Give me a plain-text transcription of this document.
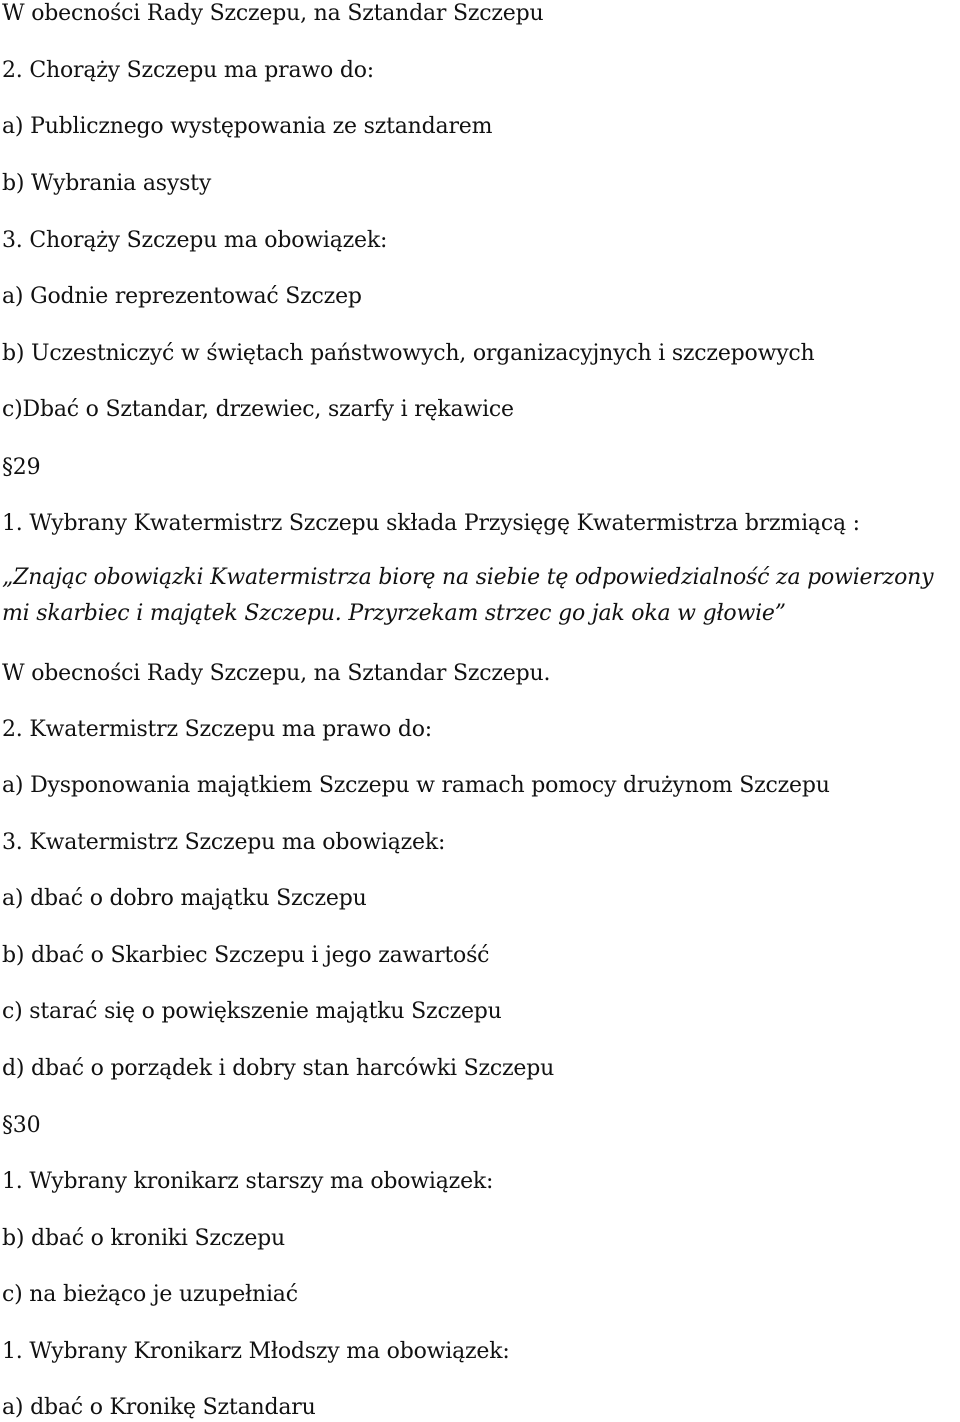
W obecności Rady Szczepu, na Sztandar Szczepu
2. Chorąży Szczepu ma prawo do:
a) Publicznego występowania ze sztandarem
b) Wybrania asysty
3. Chorąży Szczepu ma obowiązek:
a) Godnie reprezentować Szczep
b) Uczestniczyć w świętach państwowych, organizacyjnych i szczepowych
c)Dbać o Sztandar, drzewiec, szarfy i rękawice
§29
1. Wybrany Kwatermistrz Szczepu składa Przysięgę Kwatermistrza brzmiącą :
„Znając obowiązki Kwatermistrza biorę na siebie tę odpowiedzialność za powierzony mi skarbiec i majątek Szczepu. Przyrzekam strzec go jak oka w głowie”
W obecności Rady Szczepu, na Sztandar Szczepu.
2. Kwatermistrz Szczepu ma prawo do:
a) Dysponowania majątkiem Szczepu w ramach pomocy drużynom Szczepu
3. Kwatermistrz Szczepu ma obowiązek:
a) dbać o dobro majątku Szczepu
b) dbać o Skarbiec Szczepu i jego zawartość
c) starać się o powiększenie majątku Szczepu
d) dbać o porządek i dobry stan harcówki Szczepu
§30
1. Wybrany kronikarz starszy ma obowiązek:
b) dbać o kroniki Szczepu
c) na bieżąco je uzupełniać
1. Wybrany Kronikarz Młodszy ma obowiązek:
a) dbać o Kronikę Sztandaru
